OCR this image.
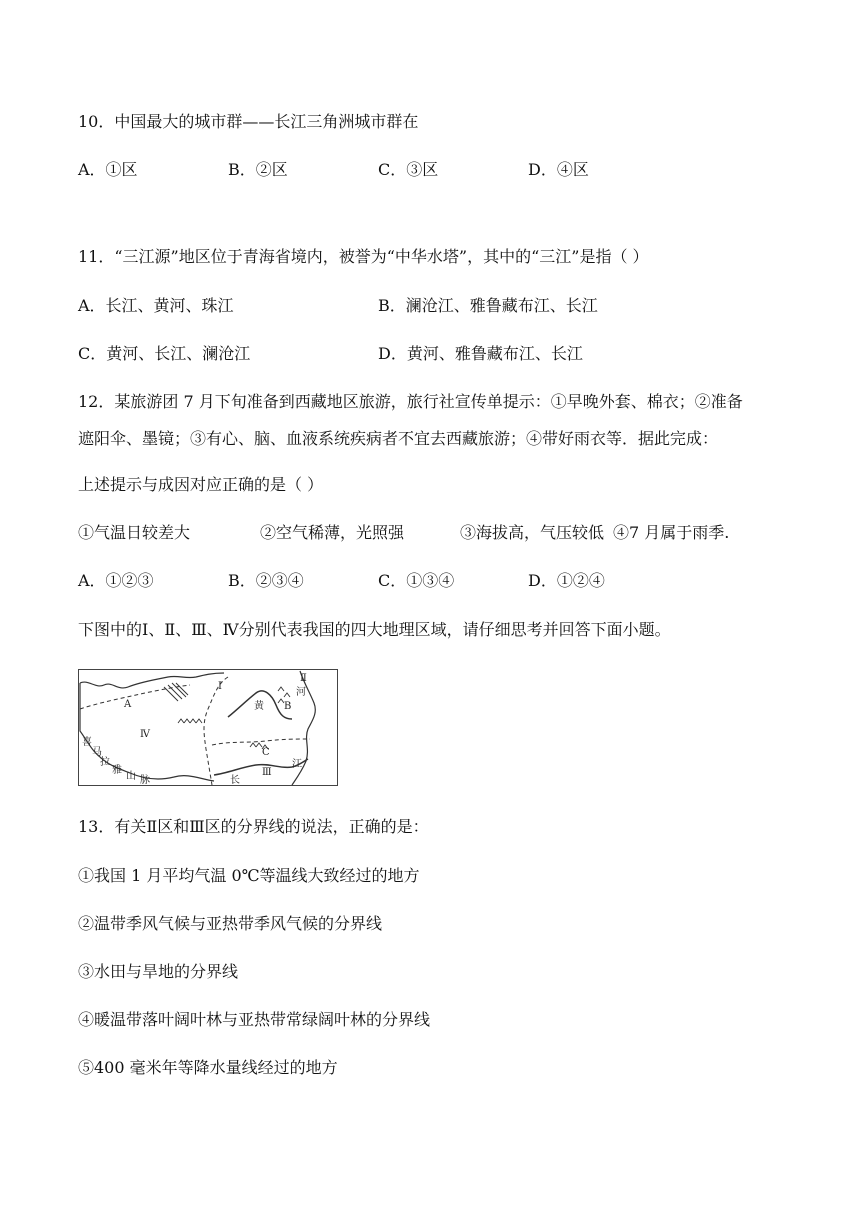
10．中国最大的城市群——长江三角洲城市群在
A．①区	B．②区	C．③区	D．④区
11．“三江源”地区位于青海省境内，被誉为“中华水塔”，其中的“三江”是指（ ）
A．长江、黄河、珠江	B．澜沧江、雅鲁藏布江、长江
C．黄河、长江、澜沧江	D．黄河、雅鲁藏布江、长江
12．某旅游团 7 月下旬准备到西藏地区旅游，旅行社宣传单提示：①早晚外套、棉衣；②准备
遮阳伞、墨镜；③有心、脑、血液系统疾病者不宜去西藏旅游；④带好雨衣等．据此完成：
上述提示与成因对应正确的是（ ）
①气温日较差大	②空气稀薄，光照强	③海拔高，气压较低 ④7 月属于雨季.
A．①②③	B．②③④	C．①③④	D．①②④
下图中的Ⅰ、Ⅱ、Ⅲ、Ⅳ分别代表我国的四大地理区域，请仔细思考并回答下面小题。
I
Ⅱ
Ⅲ
Ⅳ
A	B
C
河
黄
江
长
喜
马
拉
雅
山 脉
13．有关Ⅱ区和Ⅲ区的分界线的说法，正确的是：
①我国 1 月平均气温 0℃等温线大致经过的地方
②温带季风气候与亚热带季风气候的分界线
③水田与旱地的分界线
④暖温带落叶阔叶林与亚热带常绿阔叶林的分界线
⑤400 毫米年等降水量线经过的地方
